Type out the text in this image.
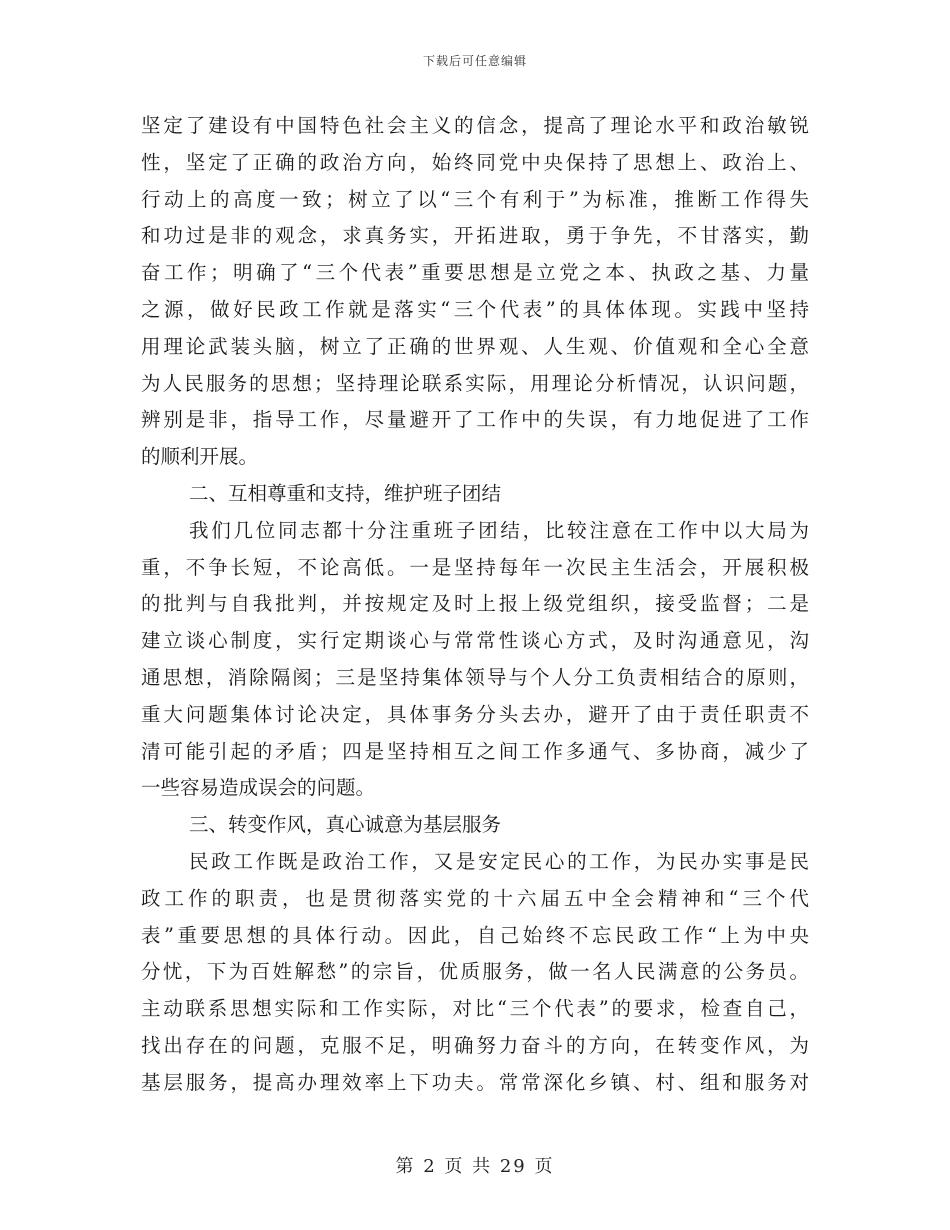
下载后可任意编辑
坚定了建设有中国特色社会主义的信念，提高了理论水平和政治敏锐
性，坚定了正确的政治方向，始终同党中央保持了思想上、政治上、
行动上的高度一致；树立了以“三个有利于”为标准，推断工作得失
和功过是非的观念，求真务实，开拓进取，勇于争先，不甘落实，勤
奋工作；明确了“三个代表”重要思想是立党之本、执政之基、力量
之源，做好民政工作就是落实“三个代表”的具体体现。实践中坚持
用理论武装头脑，树立了正确的世界观、人生观、价值观和全心全意
为人民服务的思想；坚持理论联系实际，用理论分析情况，认识问题，
辨别是非，指导工作，尽量避开了工作中的失误，有力地促进了工作
的顺利开展。
二、互相尊重和支持，维护班子团结
我们几位同志都十分注重班子团结，比较注意在工作中以大局为
重，不争长短，不论高低。一是坚持每年一次民主生活会，开展积极
的批判与自我批判，并按规定及时上报上级党组织，接受监督；二是
建立谈心制度，实行定期谈心与常常性谈心方式，及时沟通意见，沟
通思想，消除隔阂；三是坚持集体领导与个人分工负责相结合的原则，
重大问题集体讨论决定，具体事务分头去办，避开了由于责任职责不
清可能引起的矛盾；四是坚持相互之间工作多通气、多协商，减少了
一些容易造成误会的问题。
三、转变作风，真心诚意为基层服务
民政工作既是政治工作，又是安定民心的工作，为民办实事是民
政工作的职责，也是贯彻落实党的十六届五中全会精神和“三个代
表”重要思想的具体行动。因此，自己始终不忘民政工作“上为中央
分忧，下为百姓解愁”的宗旨，优质服务，做一名人民满意的公务员。
主动联系思想实际和工作实际，对比“三个代表”的要求，检查自己，
找出存在的问题，克服不足，明确努力奋斗的方向，在转变作风，为
基层服务，提高办理效率上下功夫。常常深化乡镇、村、组和服务对
第 2 页 共 29 页
